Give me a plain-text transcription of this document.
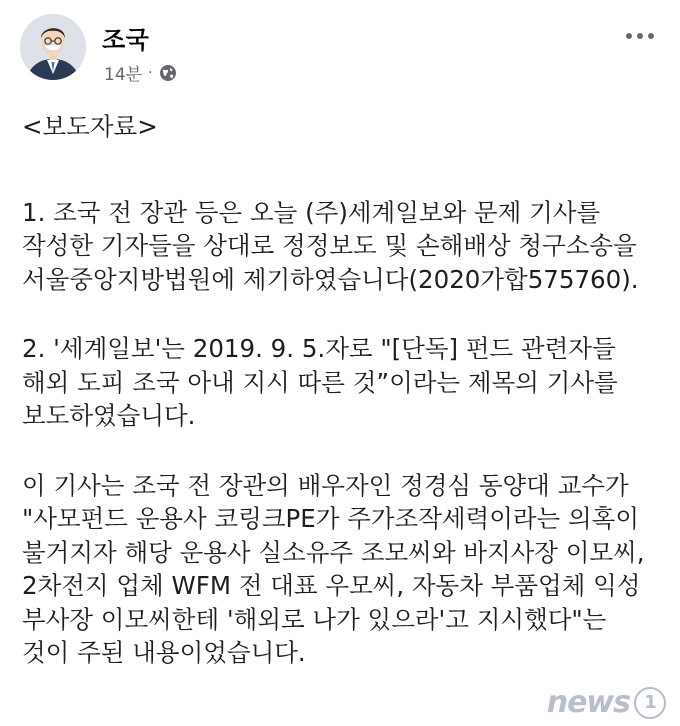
조국
14분 ·

<보도자료>

1. 조국 전 장관 등은 오늘 (주)세계일보와 문제 기사를

작성한 기자들을 상대로 정정보도 및 손해배상 청구소송을

서울중앙지방법원에 제기하였습니다(2020가합575760).

2. '세계일보'는 2019. 9. 5.자로 "[단독] 펀드 관련자들

해외 도피 조국 아내 지시 따른 것”이라는 제목의 기사를

보도하였습니다.

이 기사는 조국 전 장관의 배우자인 정경심 동양대 교수가

"사모펀드 운용사 코링크PE가 주가조작세력이라는 의혹이

불거지자 해당 운용사 실소유주 조모씨와 바지사장 이모씨,

2차전지 업체 WFM 전 대표 우모씨, 자동차 부품업체 익성

부사장 이모씨한테 '해외로 나가 있으라'고 지시했다"는

것이 주된 내용이었습니다.

news 1
